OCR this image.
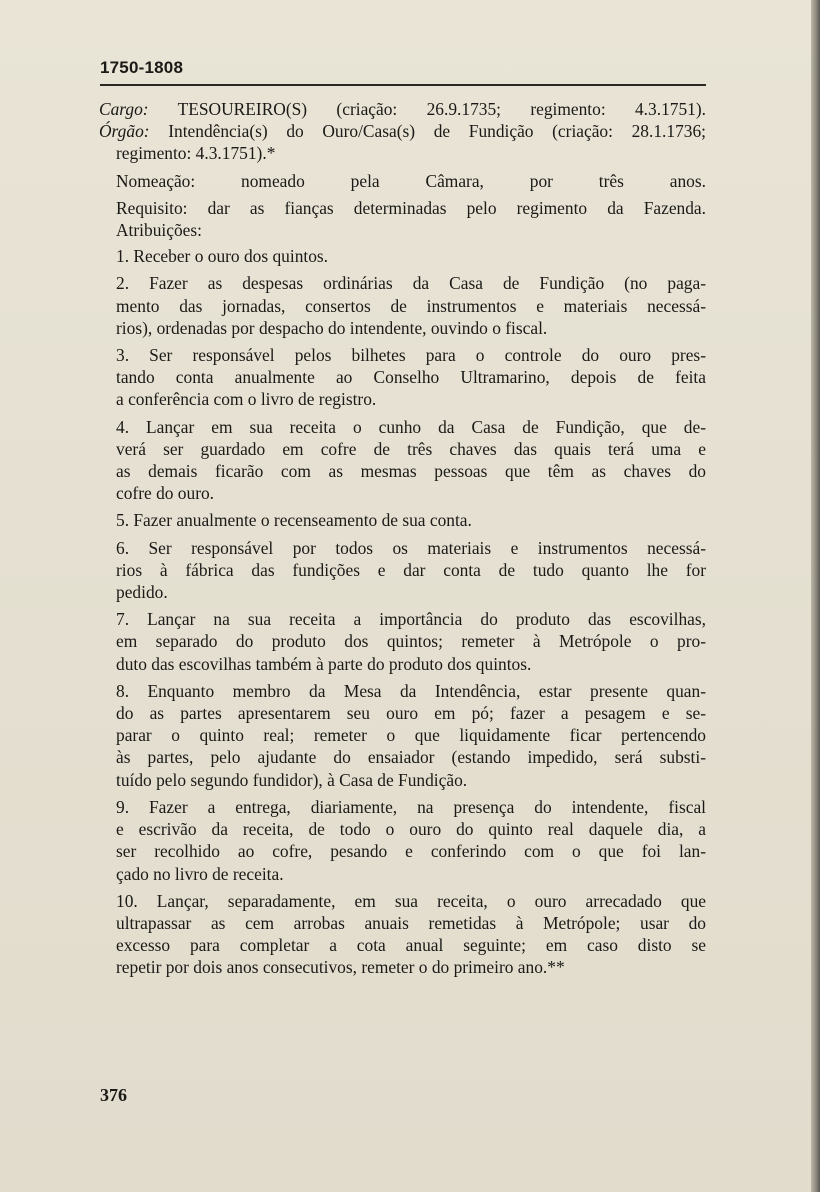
1750-1808
Cargo: TESOUREIRO(S) (criação: 26.9.1735; regimento: 4.3.1751).
Órgão: Intendência(s) do Ouro/Casa(s) de Fundição (criação: 28.1.1736;
regimento: 4.3.1751).*
Nomeação: nomeado pela Câmara, por três anos.
Requisito: dar as fianças determinadas pelo regimento da Fazenda.
Atribuições:
1. Receber o ouro dos quintos.
2. Fazer as despesas ordinárias da Casa de Fundição (no paga-
mento das jornadas, consertos de instrumentos e materiais necessá-
rios), ordenadas por despacho do intendente, ouvindo o fiscal.
3. Ser responsável pelos bilhetes para o controle do ouro pres-
tando conta anualmente ao Conselho Ultramarino, depois de feita
a conferência com o livro de registro.
4. Lançar em sua receita o cunho da Casa de Fundição, que de-
verá ser guardado em cofre de três chaves das quais terá uma e
as demais ficarão com as mesmas pessoas que têm as chaves do
cofre do ouro.
5. Fazer anualmente o recenseamento de sua conta.
6. Ser responsável por todos os materiais e instrumentos necessá-
rios à fábrica das fundições e dar conta de tudo quanto lhe for
pedido.
7. Lançar na sua receita a importância do produto das escovilhas,
em separado do produto dos quintos; remeter à Metrópole o pro-
duto das escovilhas também à parte do produto dos quintos.
8. Enquanto membro da Mesa da Intendência, estar presente quan-
do as partes apresentarem seu ouro em pó; fazer a pesagem e se-
parar o quinto real; remeter o que liquidamente ficar pertencendo
às partes, pelo ajudante do ensaiador (estando impedido, será substi-
tuído pelo segundo fundidor), à Casa de Fundição.
9. Fazer a entrega, diariamente, na presença do intendente, fiscal
e escrivão da receita, de todo o ouro do quinto real daquele dia, a
ser recolhido ao cofre, pesando e conferindo com o que foi lan-
çado no livro de receita.
10. Lançar, separadamente, em sua receita, o ouro arrecadado que
ultrapassar as cem arrobas anuais remetidas à Metrópole; usar do
excesso para completar a cota anual seguinte; em caso disto se
repetir por dois anos consecutivos, remeter o do primeiro ano.**
376
